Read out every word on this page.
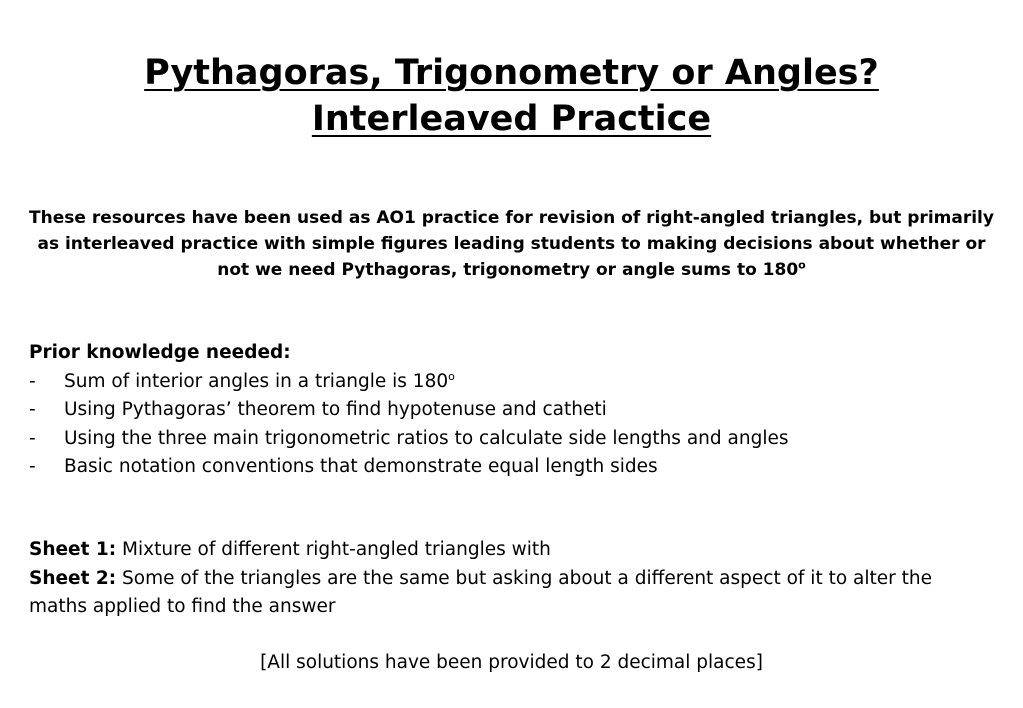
Pythagoras, Trigonometry or Angles?
Interleaved Practice

These resources have been used as AO1 practice for revision of right-angled triangles, but primarily as interleaved practice with simple figures leading students to making decisions about whether or not we need Pythagoras, trigonometry or angle sums to 180$^o$

Prior knowledge needed:
- Sum of interior angles in a triangle is 180$^o$
- Using Pythagoras’ theorem to find hypotenuse and catheti
- Using the three main trigonometric ratios to calculate side lengths and angles
- Basic notation conventions that demonstrate equal length sides
Sheet 1: Mixture of different right-angled triangles with
Sheet 2: Some of the triangles are the same but asking about a different aspect of it to alter the maths applied to find the answer
[All solutions have been provided to 2 decimal places]
